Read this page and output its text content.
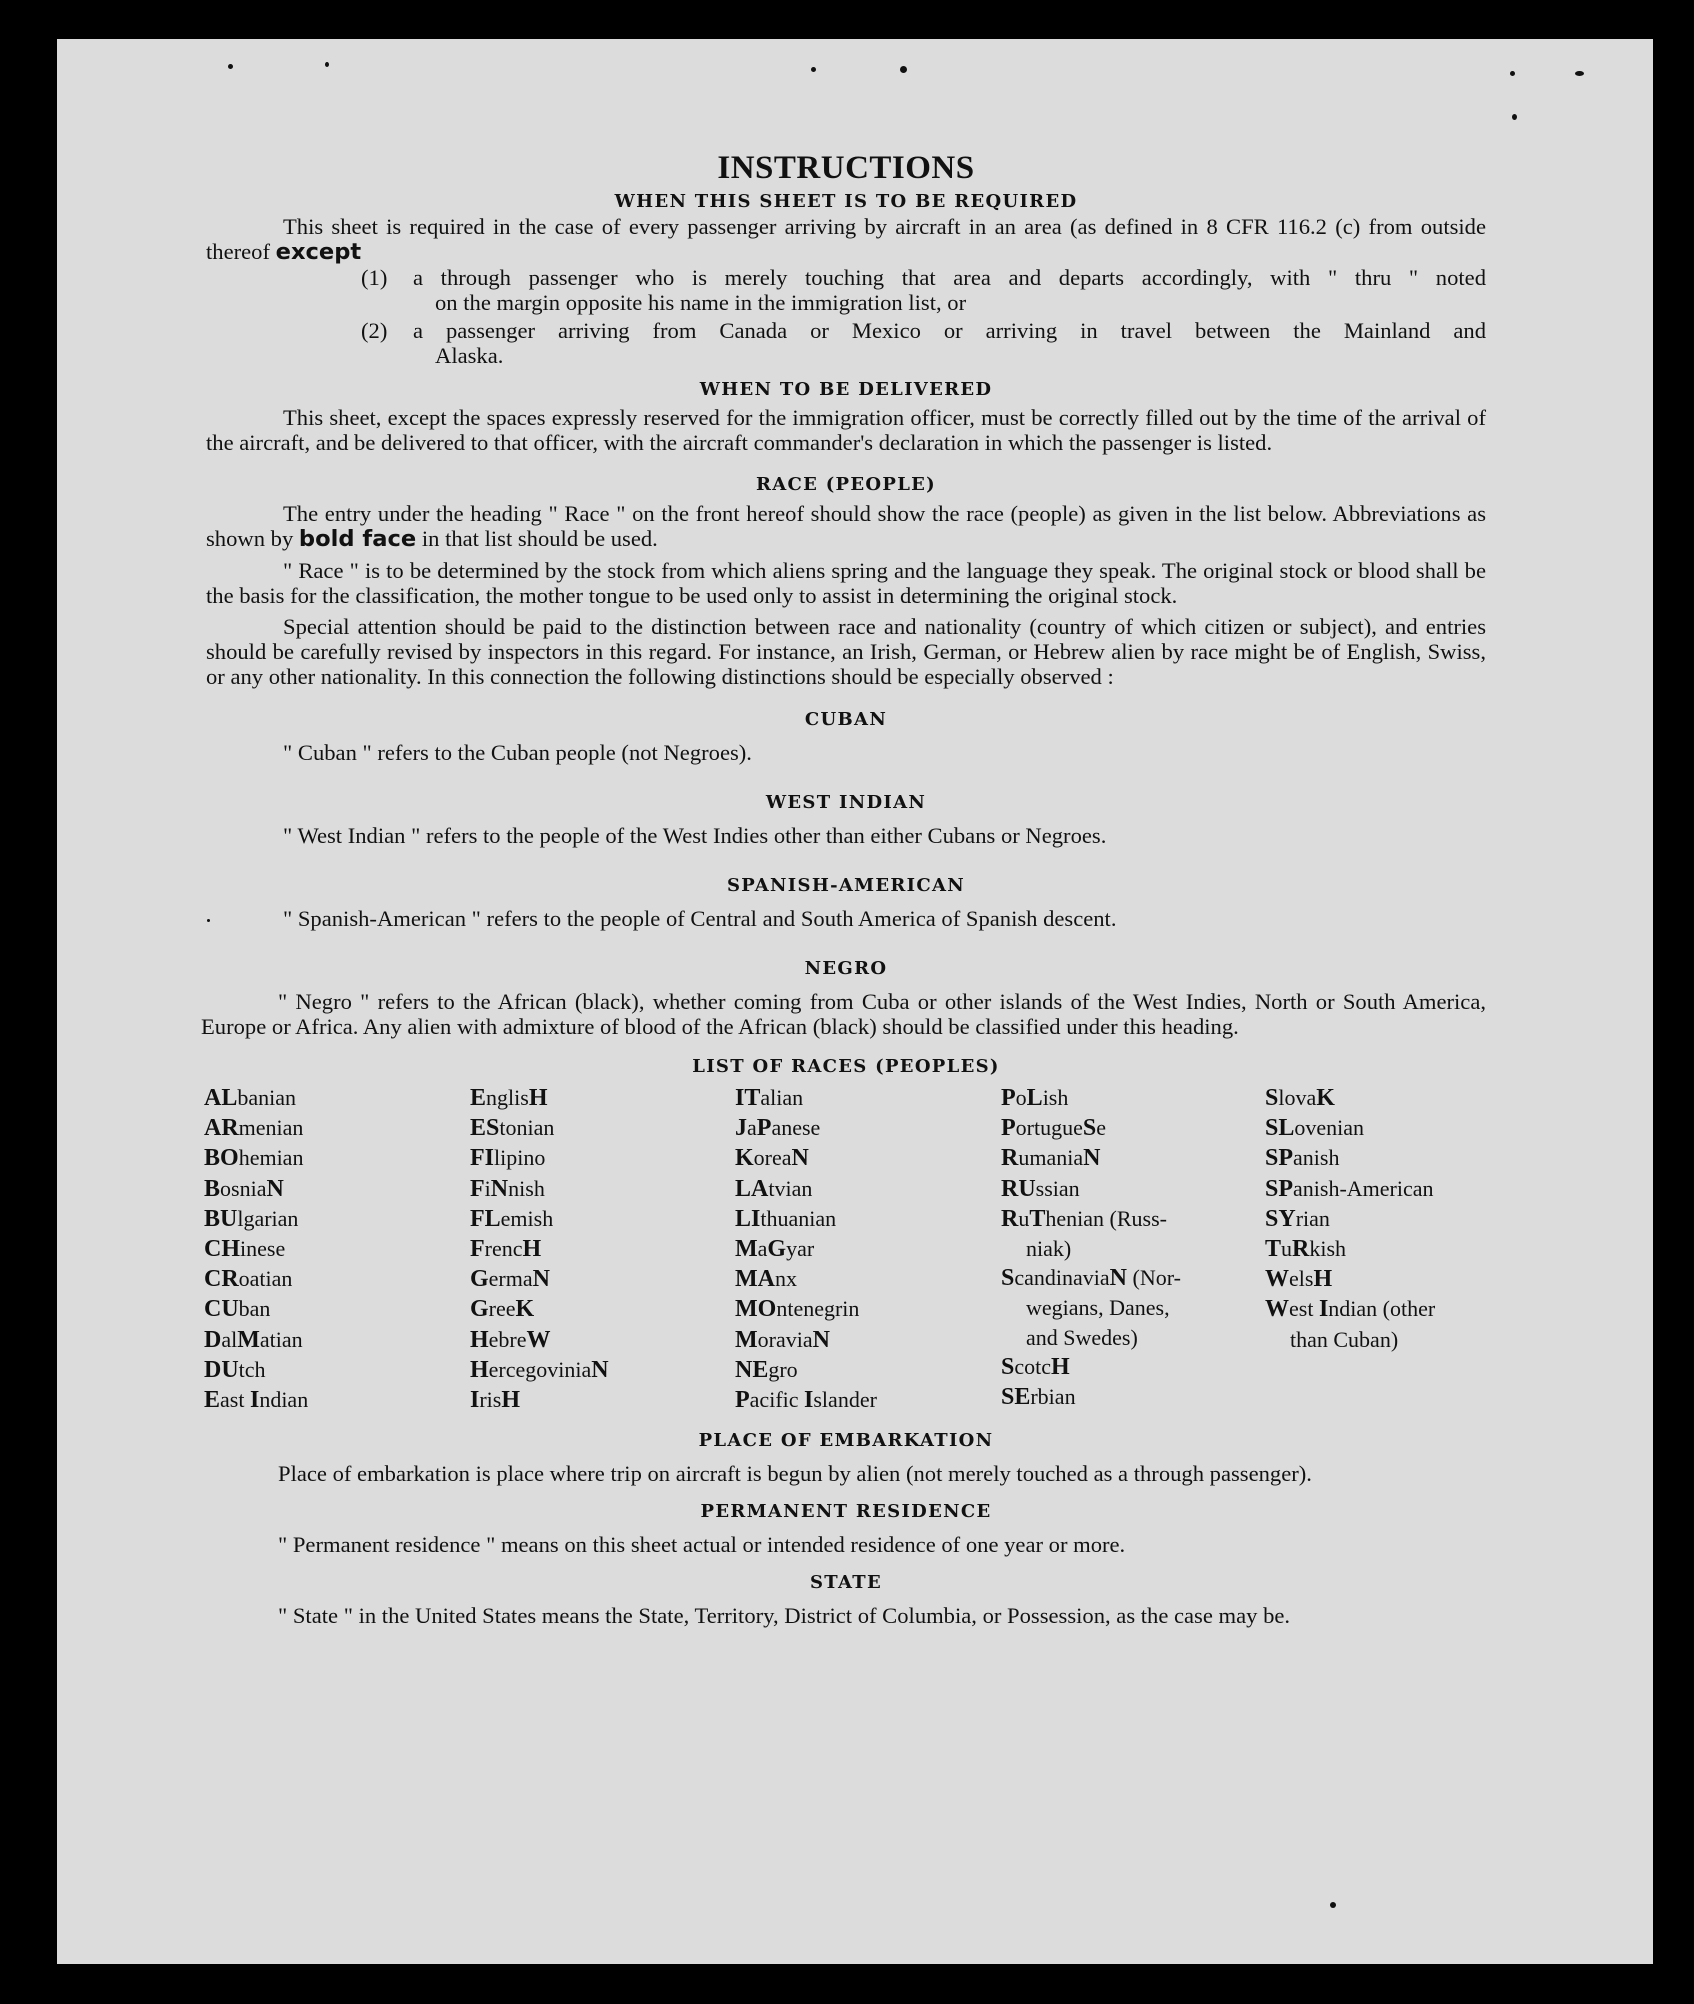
INSTRUCTIONS
WHEN THIS SHEET IS TO BE REQUIRED

This sheet is required in the case of every passenger arriving by aircraft in an area (as defined in 8 CFR 116.2 (c) from outside thereof except

(1)	a through passenger who is merely touching that area and departs accordingly, with " thru " noted
on the margin opposite his name in the immigration list, or
(2)	a passenger arriving from Canada or Mexico or arriving in travel between the Mainland and
Alaska.
WHEN TO BE DELIVERED

This sheet, except the spaces expressly reserved for the immigration officer, must be correctly filled out by the time of the arrival of the aircraft, and be delivered to that officer, with the aircraft commander's declaration in which the passenger is listed.

RACE (PEOPLE)

The entry under the heading " Race " on the front hereof should show the race (people) as given in the list below. Abbreviations as shown by bold face in that list should be used.

" Race " is to be determined by the stock from which aliens spring and the language they speak. The original stock or blood shall be the basis for the classification, the mother tongue to be used only to assist in determining the original stock.

Special attention should be paid to the distinction between race and nationality (country of which citizen or subject), and entries should be carefully revised by inspectors in this regard. For instance, an Irish, German, or Hebrew alien by race might be of English, Swiss, or any other nationality. In this connection the following distinctions should be especially observed :

CUBAN

" Cuban " refers to the Cuban people (not Negroes).

WEST INDIAN

" West Indian " refers to the people of the West Indies other than either Cubans or Negroes.

SPANISH-AMERICAN

" Spanish-American " refers to the people of Central and South America of Spanish descent.

NEGRO

" Negro " refers to the African (black), whether coming from Cuba or other islands of the West Indies, North or South America, Europe or Africa. Any alien with admixture of blood of the African (black) should be classified under this heading.

LIST OF RACES (PEOPLES)
ALbanian
ARmenian
BOhemian
BosniaN
BUlgarian
CHinese
CRoatian
CUban
DalMatian
DUtch
East Indian
EnglisH
EStonian
FIlipino
FiNnish
FLemish
FrencH
GermaN
GreeK
HebreW
HercegoviniaN
IrisH
ITalian
JaPanese
KoreaN
LAtvian
LIthuanian
MaGyar
MAnx
MOntenegrin
MoraviaN
NEgro
Pacific Islander
PoLish
PortugueSe
RumaniaN
RUssian
RuThenian (Russ-
niak)
ScandinaviaN (Nor-
wegians, Danes,
and Swedes)
ScotcH
SErbian
SlovaK
SLovenian
SPanish
SPanish-American
SYrian
TuRkish
WelsH
West Indian (other
than Cuban)
PLACE OF EMBARKATION

Place of embarkation is place where trip on aircraft is begun by alien (not merely touched as a through passenger).

PERMANENT RESIDENCE

" Permanent residence " means on this sheet actual or intended residence of one year or more.

STATE

" State " in the United States means the State, Territory, District of Columbia, or Possession, as the case may be.
